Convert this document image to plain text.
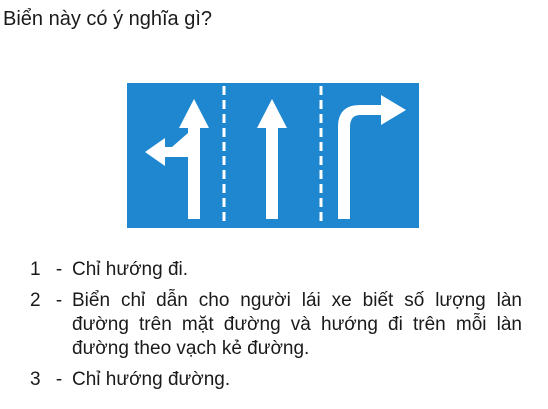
Biển này có ý nghĩa gì?
1 - Chỉ hướng đi.
2 - Biển chỉ dẫn cho người lái xe biết số lượng làn đường trên mặt đường và hướng đi trên mỗi làn đường theo vạch kẻ đường.
3 - Chỉ hướng đường.
